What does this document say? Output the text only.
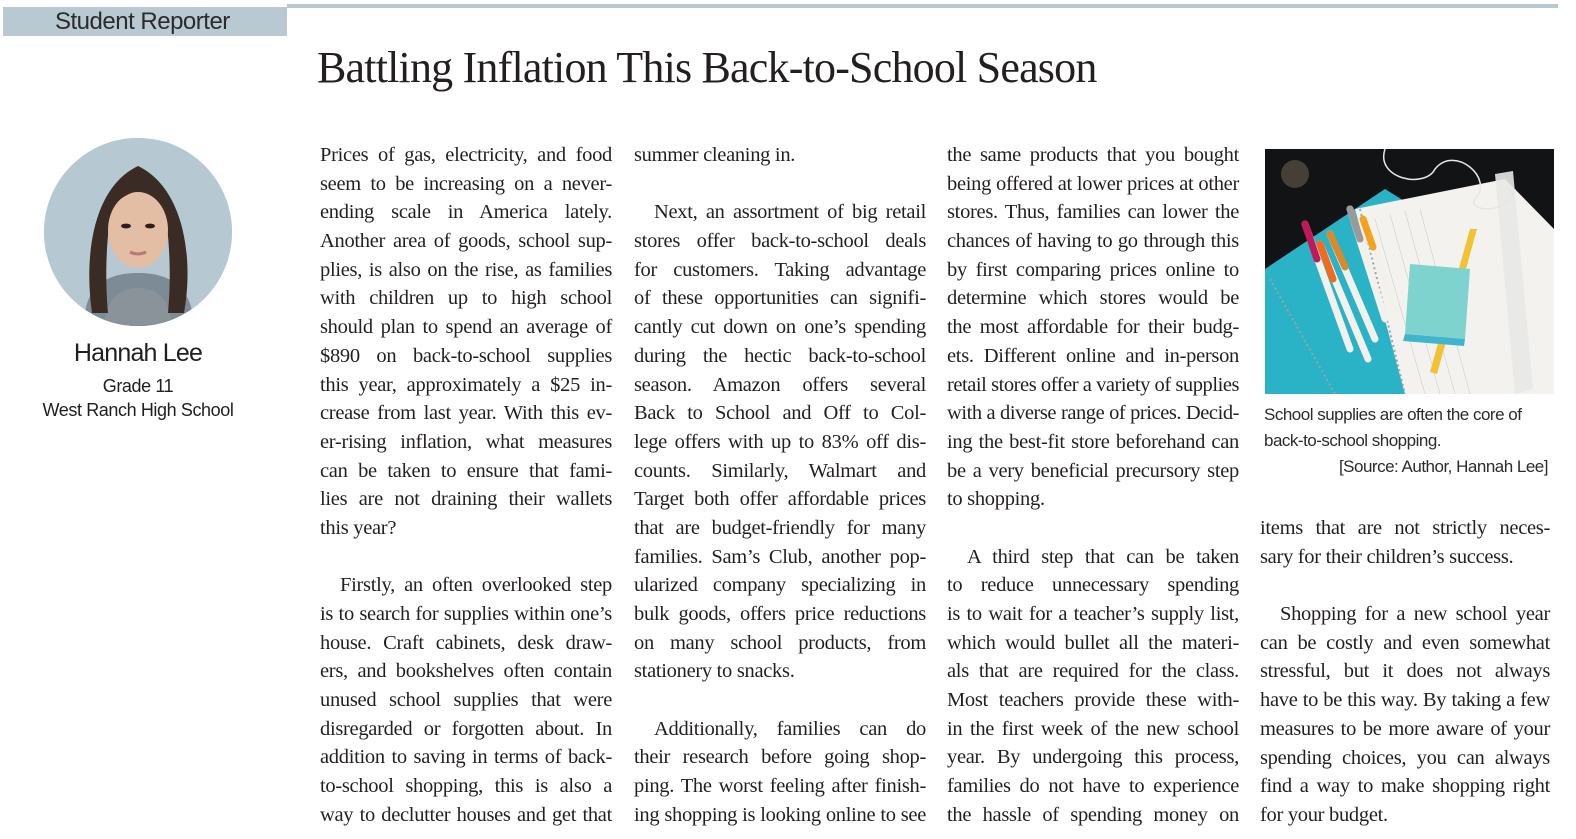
Student Reporter
Battling Inflation This Back-to-School Season
Hannah Lee
Grade 11
West Ranch High School
Prices of gas, electricity, and food
seem to be increasing on a never-
ending scale in America lately.
Another area of goods, school sup-
plies, is also on the rise, as families
with children up to high school
should plan to spend an average of
$890 on back-to-school supplies
this year, approximately a $25 in-
crease from last year. With this ev-
er-rising inflation, what measures
can be taken to ensure that fami-
lies are not draining their wallets
this year?
Firstly, an often overlooked step
is to search for supplies within one’s
house. Craft cabinets, desk draw-
ers, and bookshelves often contain
unused school supplies that were
disregarded or forgotten about. In
addition to saving in terms of back-
to-school shopping, this is also a
way to declutter houses and get that
summer cleaning in.
Next, an assortment of big retail
stores offer back-to-school deals
for customers. Taking advantage
of these opportunities can signifi-
cantly cut down on one’s spending
during the hectic back-to-school
season. Amazon offers several
Back to School and Off to Col-
lege offers with up to 83% off dis-
counts. Similarly, Walmart and
Target both offer affordable prices
that are budget-friendly for many
families. Sam’s Club, another pop-
ularized company specializing in
bulk goods, offers price reductions
on many school products, from
stationery to snacks.
Additionally, families can do
their research before going shop-
ping. The worst feeling after finish-
ing shopping is looking online to see
the same products that you bought
being offered at lower prices at other
stores. Thus, families can lower the
chances of having to go through this
by first comparing prices online to
determine which stores would be
the most affordable for their budg-
ets. Different online and in-person
retail stores offer a variety of supplies
with a diverse range of prices. Decid-
ing the best-fit store beforehand can
be a very beneficial precursory step
to shopping.
A third step that can be taken
to reduce unnecessary spending
is to wait for a teacher’s supply list,
which would bullet all the materi-
als that are required for the class.
Most teachers provide these with-
in the first week of the new school
year. By undergoing this process,
families do not have to experience
the hassle of spending money on
School supplies are often the core of back-to-school shopping.
[Source: Author, Hannah Lee]
items that are not strictly neces-
sary for their children’s success.
Shopping for a new school year
can be costly and even somewhat
stressful, but it does not always
have to be this way. By taking a few
measures to be more aware of your
spending choices, you can always
find a way to make shopping right
for your budget.
